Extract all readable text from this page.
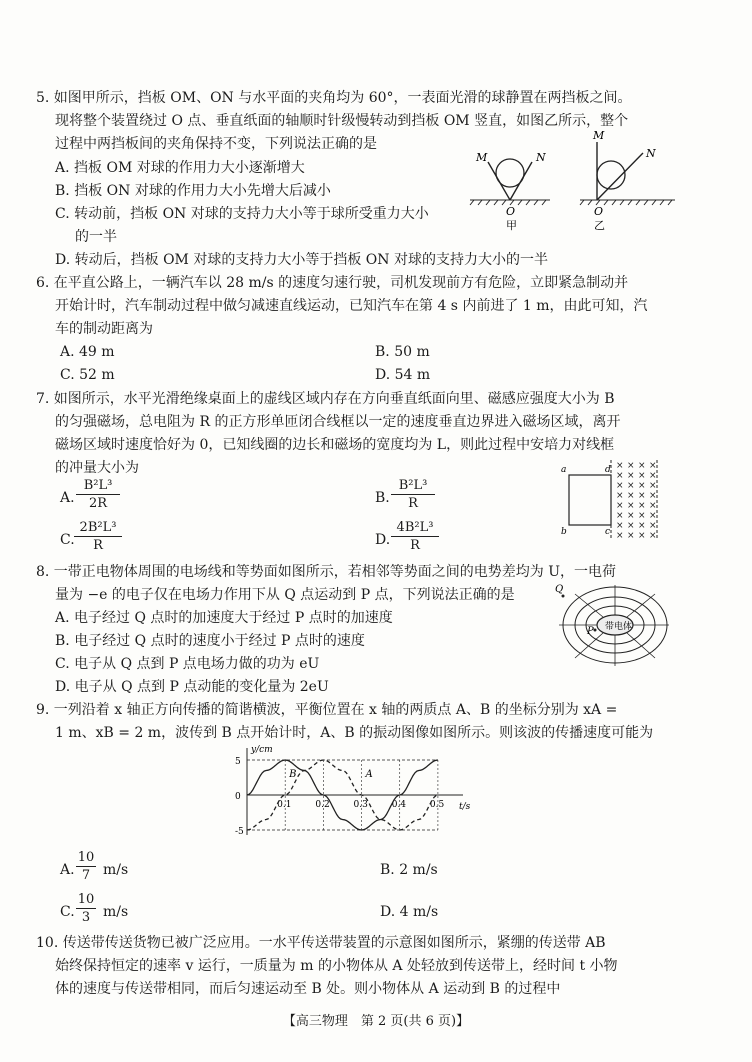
5. 如图甲所示，挡板 OM、ON 与水平面的夹角均为 60°，一表面光滑的球静置在两挡板之间。
现将整个装置绕过 O 点、垂直纸面的轴顺时针级慢转动到挡板 OM 竖直，如图乙所示，整个
过程中两挡板间的夹角保持不变，下列说法正确的是
A. 挡板 OM 对球的作用力大小逐渐增大
B. 挡板 ON 对球的作用力大小先增大后减小
C. 转动前，挡板 ON 对球的支持力大小等于球所受重力大小
的一半
D. 转动后，挡板 OM 对球的支持力大小等于挡板 ON 对球的支持力大小的一半
M	N
O
甲
M
N
O
乙
6. 在平直公路上，一辆汽车以 28 m/s 的速度匀速行驶，司机发现前方有危险，立即紧急制动并
开始计时，汽车制动过程中做匀减速直线运动，已知汽车在第 4 s 内前进了 1 m，由此可知，汽
车的制动距离为
A. 49 m	B. 50 m
C. 52 m	D. 54 m
7. 如图所示，水平光滑绝缘桌面上的虚线区域内存在方向垂直纸面向里、磁感应强度大小为 B
的匀强磁场，总电阻为 R 的正方形单匝闭合线框以一定的速度垂直边界进入磁场区域，离开
磁场区域时速度恰好为 0，已知线圈的边长和磁场的宽度均为 L，则此过程中安培力对线框
的冲量大小为
A.
B²L³
2R	B.
B²L³
R
C.
2B²L³
R	D.
4B²L³
R
× × × ×
× × × ×
× × × ×
× × × ×
× × × ×
× × × ×
× × × ×
× × × ×
a	d
b	c
8. 一带正电物体周围的电场线和等势面如图所示，若相邻等势面之间的电势差均为 U，一电荷
量为 −e 的电子仅在电场力作用下从 Q 点运动到 P 点，下列说法正确的是
A. 电子经过 Q 点时的加速度大于经过 P 点时的加速度
B. 电子经过 Q 点时的速度小于经过 P 点时的速度
C. 电子从 Q 点到 P 点电场力做的功为 eU
D. 电子从 Q 点到 P 点动能的变化量为 2eU
带电体
Q
P
9. 一列沿着 x 轴正方向传播的简谐横波，平衡位置在 x 轴的两质点 A、B 的坐标分别为 xA =
1 m、xB = 2 m，波传到 B 点开始计时，A、B 的振动图像如图所示。则该波的传播速度可能为
y/cm
t/s
5
0
-5
0.1	0.2	0.3	0.4	0.5
B	A
A.
10
7 m/s	B. 2 m/s
C.
10
3 m/s	D. 4 m/s
10. 传送带传送货物已被广泛应用。一水平传送带装置的示意图如图所示，紧绷的传送带 AB
始终保持恒定的速率 v 运行，一质量为 m 的小物体从 A 处轻放到传送带上，经时间 t 小物
体的速度与传送带相同，而后匀速运动至 B 处。则小物体从 A 运动到 B 的过程中
【高三物理　第 2 页(共 6 页)】
